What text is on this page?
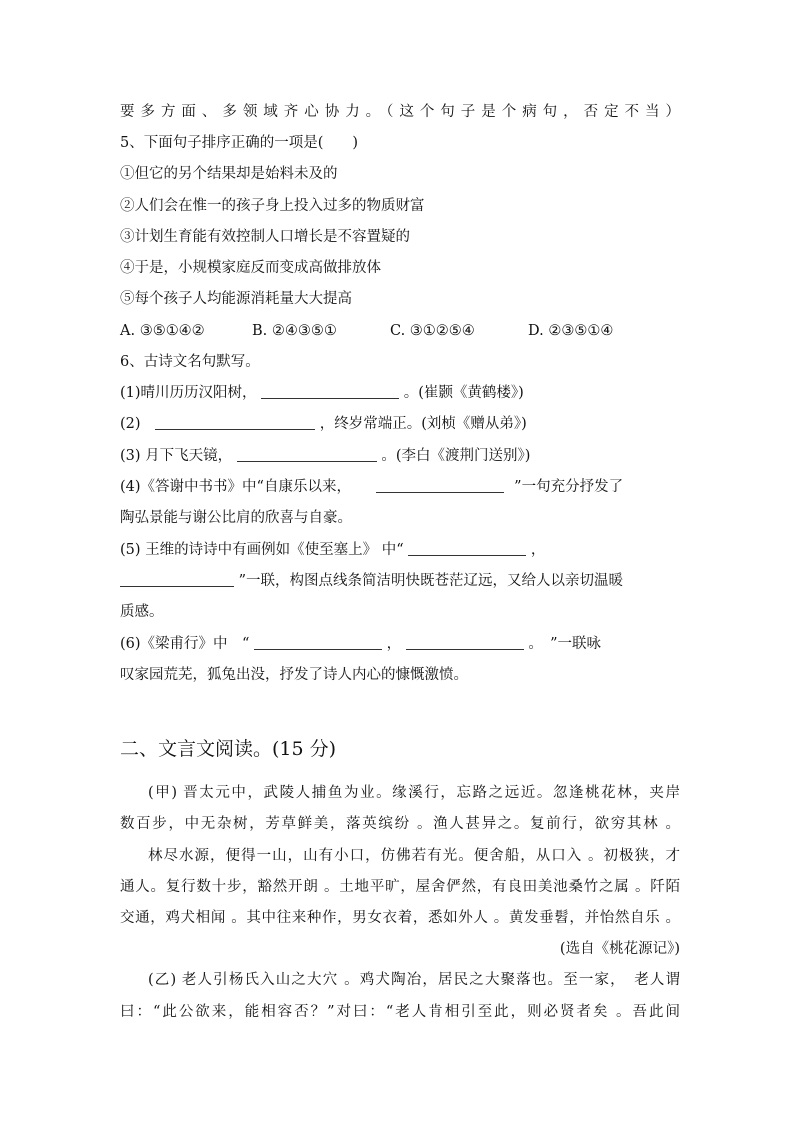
要多方面、多领域齐心协力。（这个句子是个病句，否定不当）
5、下面句子排序正确的一项是(　　)
①但它的另个结果却是始料未及的
②人们会在惟一的孩子身上投入过多的物质财富
③计划生育能有效控制人口增长是不容置疑的
④于是，小规模家庭反而变成高做排放体
⑤每个孩子人均能源消耗量大大提高
A. ③⑤①④②	B. ②④③⑤①	C. ③①②⑤④	D. ②③⑤①④
6、古诗文名句默写。
(1)晴川历历汉阳树，	。(崔颢《黄鹤楼》)
(2)	，终岁常端正。(刘桢《赠从弟》)
(3) 月下飞天镜，	。(李白《渡荆门送别》)
(4)《答谢中书书》中“自康乐以来，	”一句充分抒发了
陶弘景能与谢公比肩的欣喜与自豪。
(5) 王维的诗诗中有画例如《使至塞上》 中“	，
”一联，构图点线条简洁明快既苍茫辽远，又给人以亲切温暖
质感。
(6)《梁甫行》中　“	，	。　”一联咏
叹家园荒芜，狐兔出没，抒发了诗人内心的慷慨激愤。
二、文言文阅读。(15 分)
(甲) 晋太元中，武陵人捕鱼为业。缘溪行，忘路之远近。忽逢桃花林，夹岸
数百步，中无杂树，芳草鲜美，落英缤纷 。渔人甚异之。复前行，欲穷其林 。
林尽水源，便得一山，山有小口，仿佛若有光。便舍船，从口入 。初极狭，才
通人。复行数十步，豁然开朗 。土地平旷，屋舍俨然，有良田美池桑竹之属 。阡陌
交通，鸡犬相闻 。其中往来种作，男女衣着，悉如外人 。黄发垂髫，并怡然自乐 。
(选自《桃花源记》)
(乙) 老人引杨氏入山之大穴 。鸡犬陶冶，居民之大聚落也。至一家，　老人谓
曰：“此公欲来，能相容否？”对曰：“老人肯相引至此，则必贤者矣 。吾此间
